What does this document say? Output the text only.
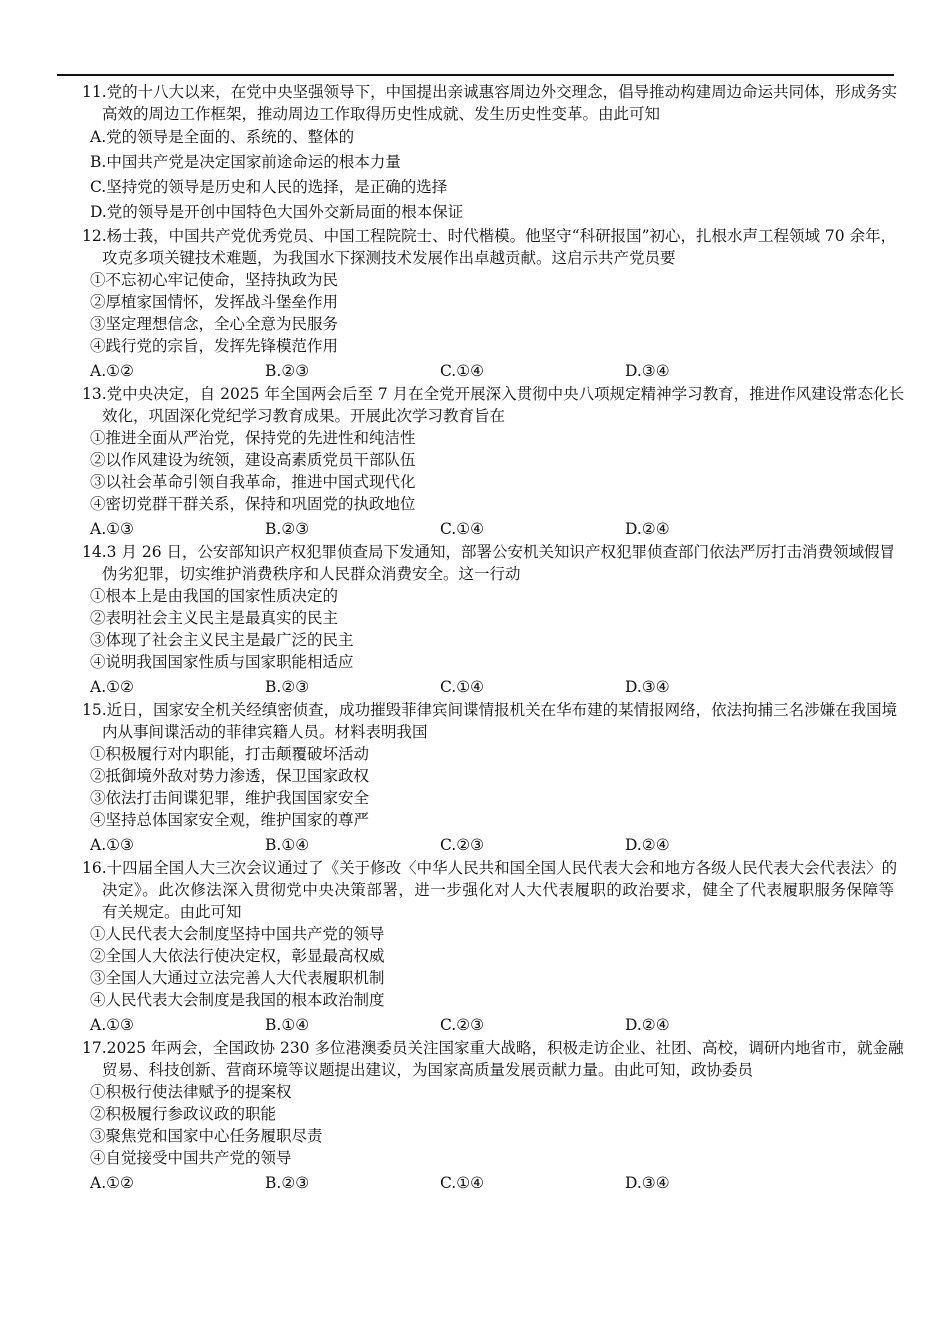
11.党的十八大以来，在党中央坚强领导下，中国提出亲诚惠容周边外交理念，倡导推动构建周边命运共同体，形成务实
高效的周边工作框架，推动周边工作取得历史性成就、发生历史性变革。由此可知
A.党的领导是全面的、系统的、整体的
B.中国共产党是决定国家前途命运的根本力量
C.坚持党的领导是历史和人民的选择，是正确的选择
D.党的领导是开创中国特色大国外交新局面的根本保证
12.杨士莪，中国共产党优秀党员、中国工程院院士、时代楷模。他坚守“科研报国”初心，扎根水声工程领域 70 余年，
攻克多项关键技术难题，为我国水下探测技术发展作出卓越贡献。这启示共产党员要
①不忘初心牢记使命，坚持执政为民
②厚植家国情怀，发挥战斗堡垒作用
③坚定理想信念，全心全意为民服务
④践行党的宗旨，发挥先锋模范作用
A.①②	B.②③	C.①④	D.③④
13.党中央决定，自 2025 年全国两会后至 7 月在全党开展深入贯彻中央八项规定精神学习教育，推进作风建设常态化长
效化，巩固深化党纪学习教育成果。开展此次学习教育旨在
①推进全面从严治党，保持党的先进性和纯洁性
②以作风建设为统领，建设高素质党员干部队伍
③以社会革命引领自我革命，推进中国式现代化
④密切党群干群关系，保持和巩固党的执政地位
A.①③	B.②③	C.①④	D.②④
14.3 月 26 日，公安部知识产权犯罪侦查局下发通知，部署公安机关知识产权犯罪侦查部门依法严厉打击消费领域假冒
伪劣犯罪，切实维护消费秩序和人民群众消费安全。这一行动
①根本上是由我国的国家性质决定的
②表明社会主义民主是最真实的民主
③体现了社会主义民主是最广泛的民主
④说明我国国家性质与国家职能相适应
A.①②	B.②③	C.①④	D.③④
15.近日，国家安全机关经缜密侦查，成功摧毁菲律宾间谍情报机关在华布建的某情报网络，依法拘捕三名涉嫌在我国境
内从事间谍活动的菲律宾籍人员。材料表明我国
①积极履行对内职能，打击颠覆破坏活动
②抵御境外敌对势力渗透，保卫国家政权
③依法打击间谍犯罪，维护我国国家安全
④坚持总体国家安全观，维护国家的尊严
A.①③	B.①④	C.②③	D.②④
16.十四届全国人大三次会议通过了《关于修改〈中华人民共和国全国人民代表大会和地方各级人民代表大会代表法〉的
决定》。此次修法深入贯彻党中央决策部署，进一步强化对人大代表履职的政治要求，健全了代表履职服务保障等
有关规定。由此可知
①人民代表大会制度坚持中国共产党的领导
②全国人大依法行使决定权，彰显最高权威
③全国人大通过立法完善人大代表履职机制
④人民代表大会制度是我国的根本政治制度
A.①③	B.①④	C.②③	D.②④
17.2025 年两会，全国政协 230 多位港澳委员关注国家重大战略，积极走访企业、社团、高校，调研内地省市，就金融
贸易、科技创新、营商环境等议题提出建议，为国家高质量发展贡献力量。由此可知，政协委员
①积极行使法律赋予的提案权
②积极履行参政议政的职能
③聚焦党和国家中心任务履职尽责
④自觉接受中国共产党的领导
A.①②	B.②③	C.①④	D.③④
